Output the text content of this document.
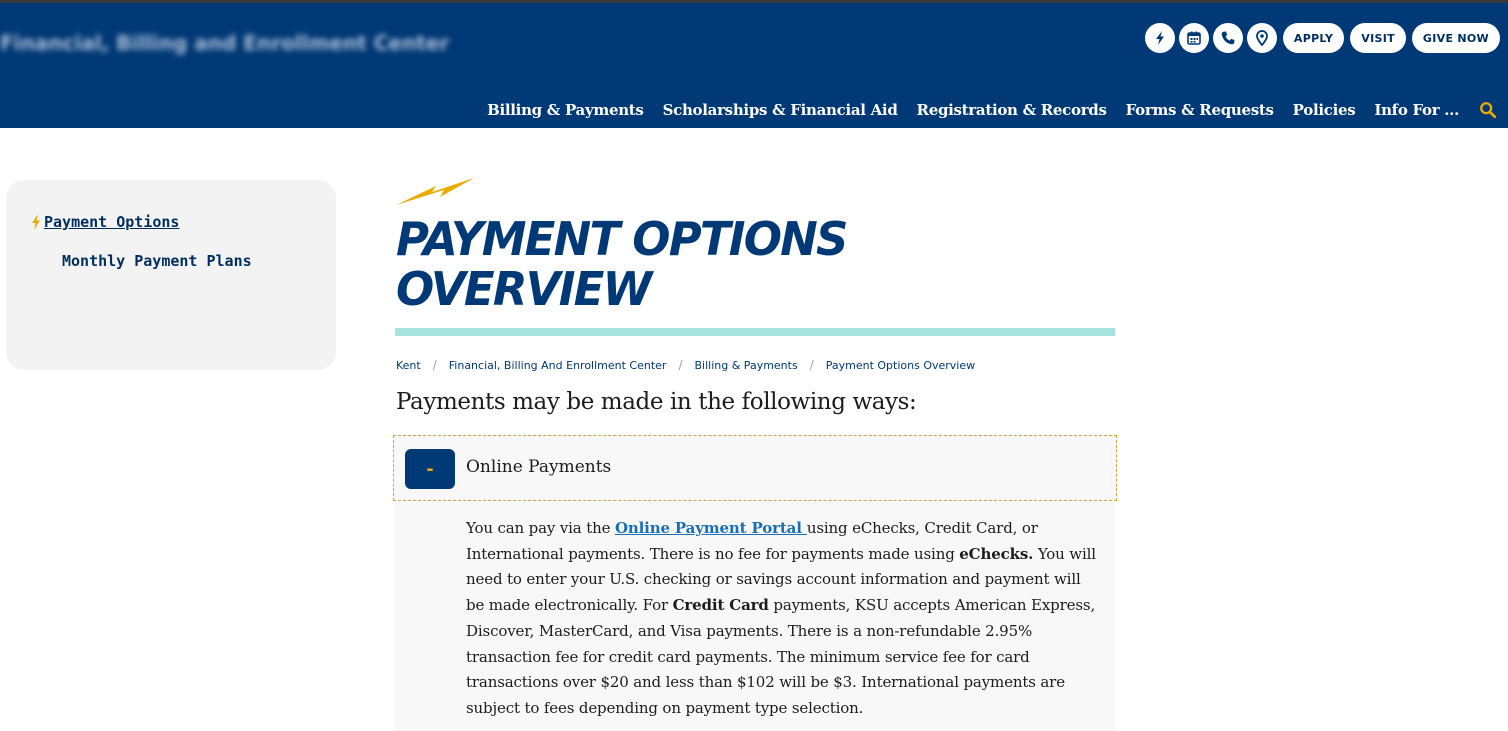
Financial, Billing and Enrollment Center	APPLY	VISIT	GIVE NOW
Billing & Payments Scholarships & Financial Aid Registration & Records Forms & Requests Policies Info For ...
Payment Options
Monthly Payment Plans	PAYMENT OPTIONS
OVERVIEW
Kent / Financial, Billing And Enrollment Center / Billing & Payments / Payment Options Overview
Payments may be made in the following ways:
-	Online Payments

You can pay via the Online Payment Portal using eChecks, Credit Card, or International payments. There is no fee for payments made using eChecks. You will need to enter your U.S. checking or savings account information and payment will be made electronically. For Credit Card payments, KSU accepts American Express, Discover, MasterCard, and Visa payments. There is a non-refundable 2.95% transaction fee for credit card payments. The minimum service fee for card transactions over $20 and less than $102 will be $3. International payments are subject to fees depending on payment type selection.
